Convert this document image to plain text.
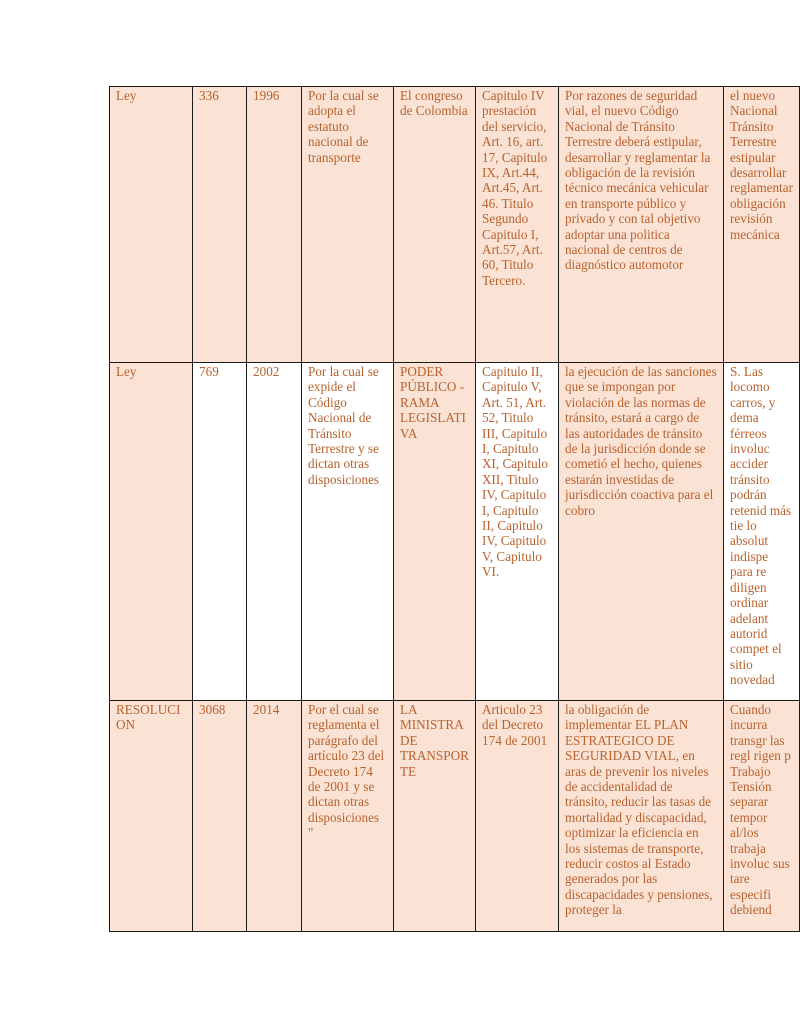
Ley	336	1996	Por la cual se adopta el estatuto nacional de transporte	El congreso de Colombia	Capitulo IV prestación del servicio, Art. 16, art. 17, Capitulo IX, Art.44, Art.45, Art. 46. Titulo Segundo Capitulo I, Art.57, Art. 60, Titulo Tercero.	Por razones de seguridad vial, el nuevo Código Nacional de Tránsito Terrestre deberá estipular, desarrollar y reglamentar la obligación de la revisión técnico mecánica vehicular en transporte público y privado y con tal objetivo adoptar una politica nacional de centros de diagnóstico automotor	el nuevo Nacional Tránsito Terrestre estipular desarrollar reglamentar obligación revisión mecánica
Ley	769	2002	Por la cual se expide el Código Nacional de Tránsito Terrestre y se dictan otras disposiciones	PODER PÚBLICO - RAMA LEGISLATIVA	Capitulo II, Capitulo V, Art. 51, Art. 52, Titulo III, Capitulo I, Capitulo XI, Capitulo XII, Titulo IV, Capitulo I, Capitulo II, Capitulo IV, Capitulo V, Capitulo VI.	la ejecución de las sanciones que se impongan por violación de las normas de tránsito, estará a cargo de las autoridades de tránsito de la jurisdicción donde se cometió el hecho, quienes estarán investidas de jurisdicción coactiva para el cobro	S. Las locomo carros, y dema férreos involuc accider tránsito podrán retenid más tie lo absolut indispe para re diligen ordinar adelant autorid compet el sitio novedad
RESOLUCION	3068	2014	Por el cual se reglamenta el parágrafo del artículo 23 del Decreto 174 de 2001 y se dictan otras disposiciones "	LA MINISTRA DE TRANSPORTE	Articulo 23 del Decreto 174 de 2001	la obligación de implementar EL PLAN ESTRATEGICO DE SEGURIDAD VIAL, en aras de prevenir los niveles de accidentalidad de tránsito, reducir las tasas de mortalidad y discapacidad, optimizar la eficiencia en los sistemas de transporte, reducir costos al Estado generados por las discapacidades y pensiones, proteger la	Cuando incurra transgr las regl rigen p Trabajo Tensión separar tempor al/los trabaja involuc sus tare especifi debiend
